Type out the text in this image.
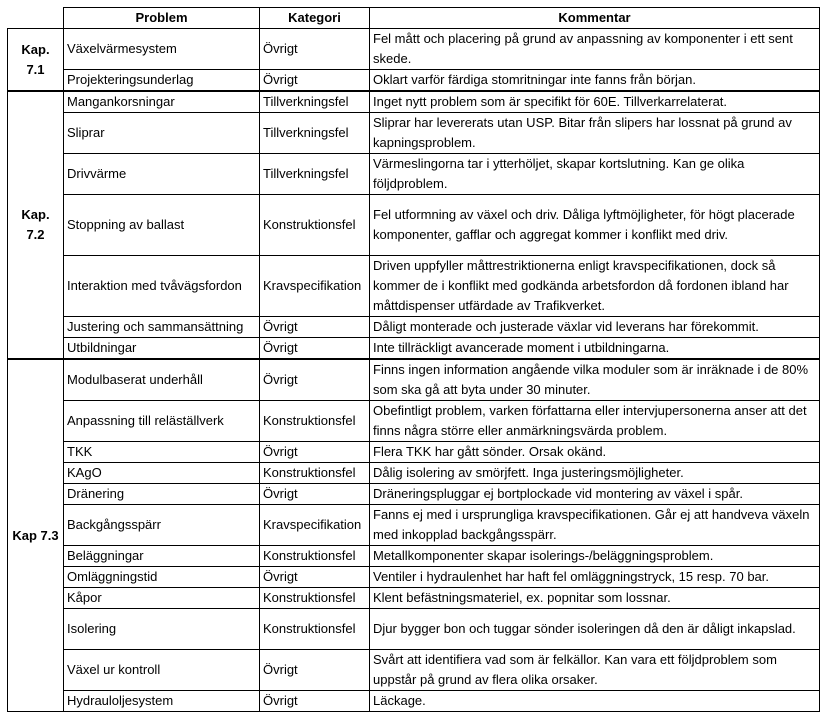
	Problem	Kategori	Kommentar
Kap. 7.1	Växelvärmesystem	Övrigt	Fel mått och placering på grund av anpassning av komponenter i ett sent skede.
	Projekteringsunderlag	Övrigt	Oklart varför färdiga stomritningar inte fanns från början.
Kap. 7.2	Mangankorsningar	Tillverkningsfel	Inget nytt problem som är specifikt för 60E. Tillverkarrelaterat.
	Sliprar	Tillverkningsfel	Sliprar har levererats utan USP. Bitar från slipers har lossnat på grund av kapningsproblem.
	Drivvärme	Tillverkningsfel	Värmeslingorna tar i ytterhöljet, skapar kortslutning. Kan ge olika följdproblem.
	Stoppning av ballast	Konstruktionsfel	Fel utformning av växel och driv. Dåliga lyftmöjligheter, för högt placerade komponenter, gafflar och aggregat kommer i konflikt med driv.
	Interaktion med tvåvägsfordon	Kravspecifikation	Driven uppfyller måttrestriktionerna enligt kravspecifikationen, dock så kommer de i konflikt med godkända arbetsfordon då fordonen ibland har måttdispenser utfärdade av Trafikverket.
	Justering och sammansättning	Övrigt	Dåligt monterade och justerade växlar vid leverans har förekommit.
	Utbildningar	Övrigt	Inte tillräckligt avancerade moment i utbildningarna.
Kap 7.3	Modulbaserat underhåll	Övrigt	Finns ingen information angående vilka moduler som är inräknade i de 80% som ska gå att byta under 30 minuter.
	Anpassning till reläställverk	Konstruktionsfel	Obefintligt problem, varken författarna eller intervjupersonerna anser att det finns några större eller anmärkningsvärda problem.
	TKK	Övrigt	Flera TKK har gått sönder. Orsak okänd.
	KAgO	Konstruktionsfel	Dålig isolering av smörjfett. Inga justeringsmöjligheter.
	Dränering	Övrigt	Dräneringspluggar ej bortplockade vid montering av växel i spår.
	Backgångsspärr	Kravspecifikation	Fanns ej med i ursprungliga kravspecifikationen. Går ej att handveva växeln med inkopplad backgångsspärr.
	Beläggningar	Konstruktionsfel	Metallkomponenter skapar isolerings-/beläggningsproblem.
	Omläggningstid	Övrigt	Ventiler i hydraulenhet har haft fel omläggningstryck, 15 resp. 70 bar.
	Kåpor	Konstruktionsfel	Klent befästningsmateriel, ex. popnitar som lossnar.
	Isolering	Konstruktionsfel	Djur bygger bon och tuggar sönder isoleringen då den är dåligt inkapslad.
	Växel ur kontroll	Övrigt	Svårt att identifiera vad som är felkällor. Kan vara ett följdproblem som uppstår på grund av flera olika orsaker.
	Hydrauloljesystem	Övrigt	Läckage.
